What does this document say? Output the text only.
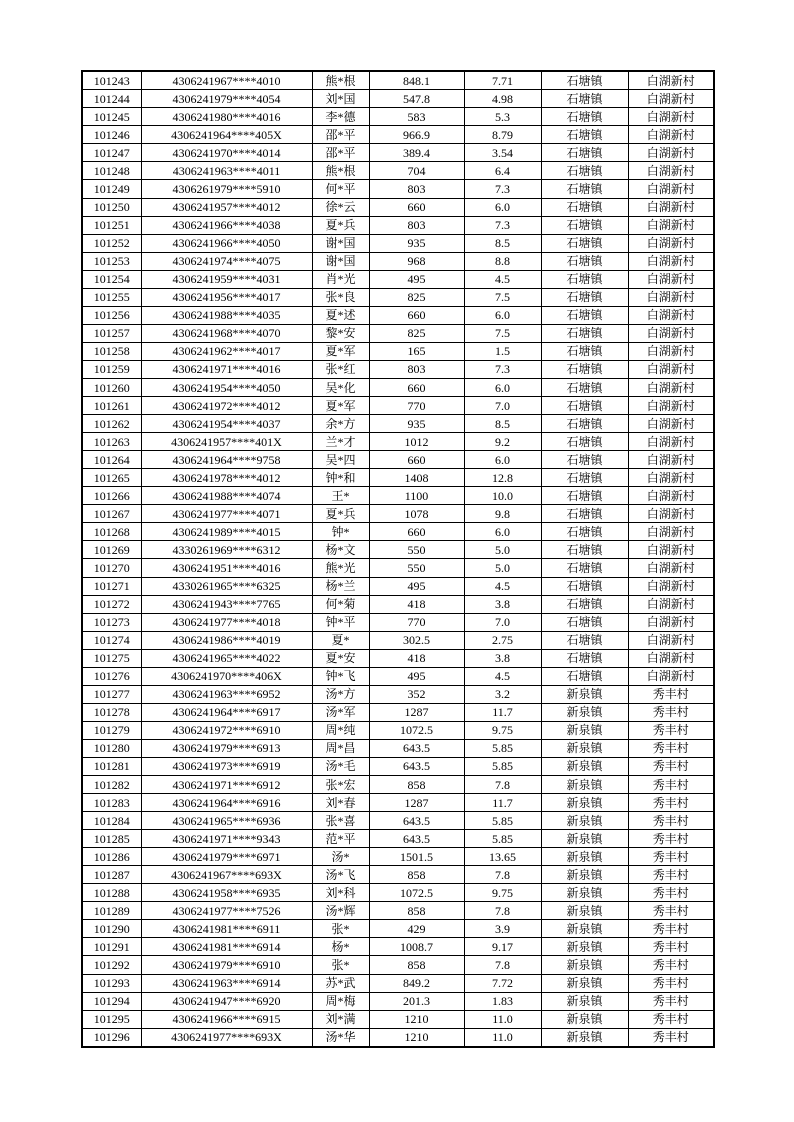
101243	4306241967****4010	熊*根	848.1	7.71	石塘镇	白湖新村
101244	4306241979****4054	刘*国	547.8	4.98	石塘镇	白湖新村
101245	4306241980****4016	李*德	583	5.3	石塘镇	白湖新村
101246	4306241964****405X	邵*平	966.9	8.79	石塘镇	白湖新村
101247	4306241970****4014	邵*平	389.4	3.54	石塘镇	白湖新村
101248	4306241963****4011	熊*根	704	6.4	石塘镇	白湖新村
101249	4306261979****5910	何*平	803	7.3	石塘镇	白湖新村
101250	4306241957****4012	徐*云	660	6.0	石塘镇	白湖新村
101251	4306241966****4038	夏*兵	803	7.3	石塘镇	白湖新村
101252	4306241966****4050	谢*国	935	8.5	石塘镇	白湖新村
101253	4306241974****4075	谢*国	968	8.8	石塘镇	白湖新村
101254	4306241959****4031	肖*光	495	4.5	石塘镇	白湖新村
101255	4306241956****4017	张*良	825	7.5	石塘镇	白湖新村
101256	4306241988****4035	夏*述	660	6.0	石塘镇	白湖新村
101257	4306241968****4070	黎*安	825	7.5	石塘镇	白湖新村
101258	4306241962****4017	夏*军	165	1.5	石塘镇	白湖新村
101259	4306241971****4016	张*红	803	7.3	石塘镇	白湖新村
101260	4306241954****4050	吴*化	660	6.0	石塘镇	白湖新村
101261	4306241972****4012	夏*军	770	7.0	石塘镇	白湖新村
101262	4306241954****4037	余*方	935	8.5	石塘镇	白湖新村
101263	4306241957****401X	兰*才	1012	9.2	石塘镇	白湖新村
101264	4306241964****9758	吴*四	660	6.0	石塘镇	白湖新村
101265	4306241978****4012	钟*和	1408	12.8	石塘镇	白湖新村
101266	4306241988****4074	王*	1100	10.0	石塘镇	白湖新村
101267	4306241977****4071	夏*兵	1078	9.8	石塘镇	白湖新村
101268	4306241989****4015	钟*	660	6.0	石塘镇	白湖新村
101269	4330261969****6312	杨*文	550	5.0	石塘镇	白湖新村
101270	4306241951****4016	熊*光	550	5.0	石塘镇	白湖新村
101271	4330261965****6325	杨*兰	495	4.5	石塘镇	白湖新村
101272	4306241943****7765	何*菊	418	3.8	石塘镇	白湖新村
101273	4306241977****4018	钟*平	770	7.0	石塘镇	白湖新村
101274	4306241986****4019	夏*	302.5	2.75	石塘镇	白湖新村
101275	4306241965****4022	夏*安	418	3.8	石塘镇	白湖新村
101276	4306241970****406X	钟*飞	495	4.5	石塘镇	白湖新村
101277	4306241963****6952	汤*方	352	3.2	新泉镇	秀丰村
101278	4306241964****6917	汤*军	1287	11.7	新泉镇	秀丰村
101279	4306241972****6910	周*纯	1072.5	9.75	新泉镇	秀丰村
101280	4306241979****6913	周*昌	643.5	5.85	新泉镇	秀丰村
101281	4306241973****6919	汤*毛	643.5	5.85	新泉镇	秀丰村
101282	4306241971****6912	张*宏	858	7.8	新泉镇	秀丰村
101283	4306241964****6916	刘*春	1287	11.7	新泉镇	秀丰村
101284	4306241965****6936	张*喜	643.5	5.85	新泉镇	秀丰村
101285	4306241971****9343	范*平	643.5	5.85	新泉镇	秀丰村
101286	4306241979****6971	汤*	1501.5	13.65	新泉镇	秀丰村
101287	4306241967****693X	汤*飞	858	7.8	新泉镇	秀丰村
101288	4306241958****6935	刘*科	1072.5	9.75	新泉镇	秀丰村
101289	4306241977****7526	汤*辉	858	7.8	新泉镇	秀丰村
101290	4306241981****6911	张*	429	3.9	新泉镇	秀丰村
101291	4306241981****6914	杨*	1008.7	9.17	新泉镇	秀丰村
101292	4306241979****6910	张*	858	7.8	新泉镇	秀丰村
101293	4306241963****6914	苏*武	849.2	7.72	新泉镇	秀丰村
101294	4306241947****6920	周*梅	201.3	1.83	新泉镇	秀丰村
101295	4306241966****6915	刘*满	1210	11.0	新泉镇	秀丰村
101296	4306241977****693X	汤*华	1210	11.0	新泉镇	秀丰村
